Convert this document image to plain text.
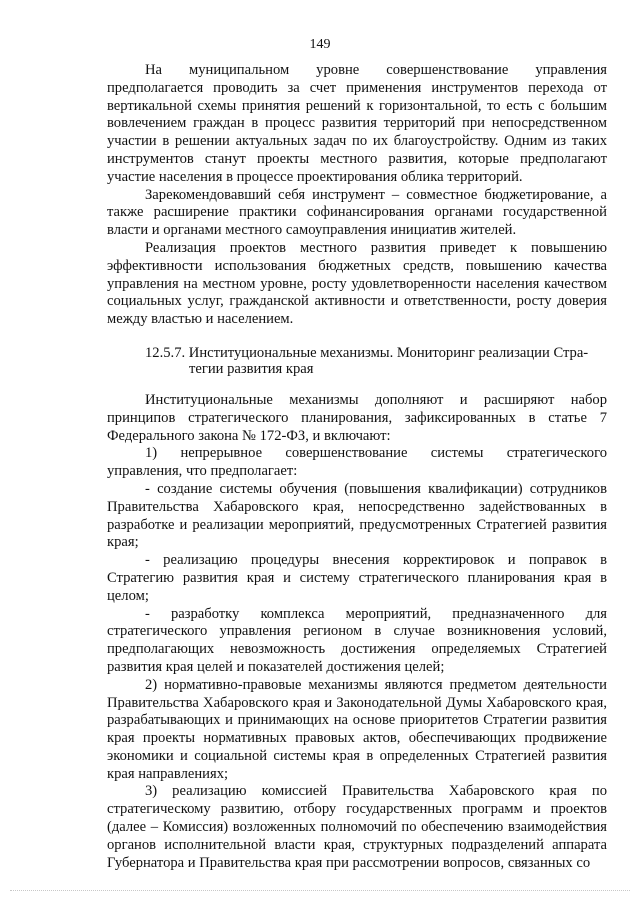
149

На муниципальном уровне совершенствование управления предполагается проводить за счет применения инструментов перехода от вертикальной схемы принятия решений к горизонтальной, то есть с большим вовлечением граждан в процесс развития территорий при непосредственном участии в решении актуальных задач по их благоустройству. Одним из таких инструментов станут проекты местного развития, которые предполагают участие населения в процессе проектирования облика территорий.

Зарекомендовавший себя инструмент – совместное бюджетирование, а также расширение практики софинансирования органами государственной власти и органами местного самоуправления инициатив жителей.

Реализация проектов местного развития приведет к повышению эффективности использования бюджетных средств, повышению качества управления на местном уровне, росту удовлетворенности населения качеством социальных услуг, гражданской активности и ответственности, росту доверия между властью и населением.

12.5.7. Институциональные механизмы. Мониторинг реализации Стра-
тегии развития края

Институциональные механизмы дополняют и расширяют набор принципов стратегического планирования, зафиксированных в статье 7 Федерального закона № 172-ФЗ, и включают:

1) непрерывное совершенствование системы стратегического управления, что предполагает:

- создание системы обучения (повышения квалификации) сотрудников Правительства Хабаровского края, непосредственно задействованных в разработке и реализации мероприятий, предусмотренных Стратегией развития края;

- реализацию процедуры внесения корректировок и поправок в Стратегию развития края и систему стратегического планирования края в целом;

- разработку комплекса мероприятий, предназначенного для стратегического управления регионом в случае возникновения условий, предполагающих невозможность достижения определяемых Стратегией развития края целей и показателей достижения целей;

2) нормативно-правовые механизмы являются предметом деятельности Правительства Хабаровского края и Законодательной Думы Хабаровского края, разрабатывающих и принимающих на основе приоритетов Стратегии развития края проекты нормативных правовых актов, обеспечивающих продвижение экономики и социальной системы края в определенных Стратегией развития края направлениях;

3) реализацию комиссией Правительства Хабаровского края по стратегическому развитию, отбору государственных программ и проектов (далее – Комиссия) возложенных полномочий по обеспечению взаимодействия органов исполнительной власти края, структурных подразделений аппарата Губернатора и Правительства края при рассмотрении вопросов, связанных со
